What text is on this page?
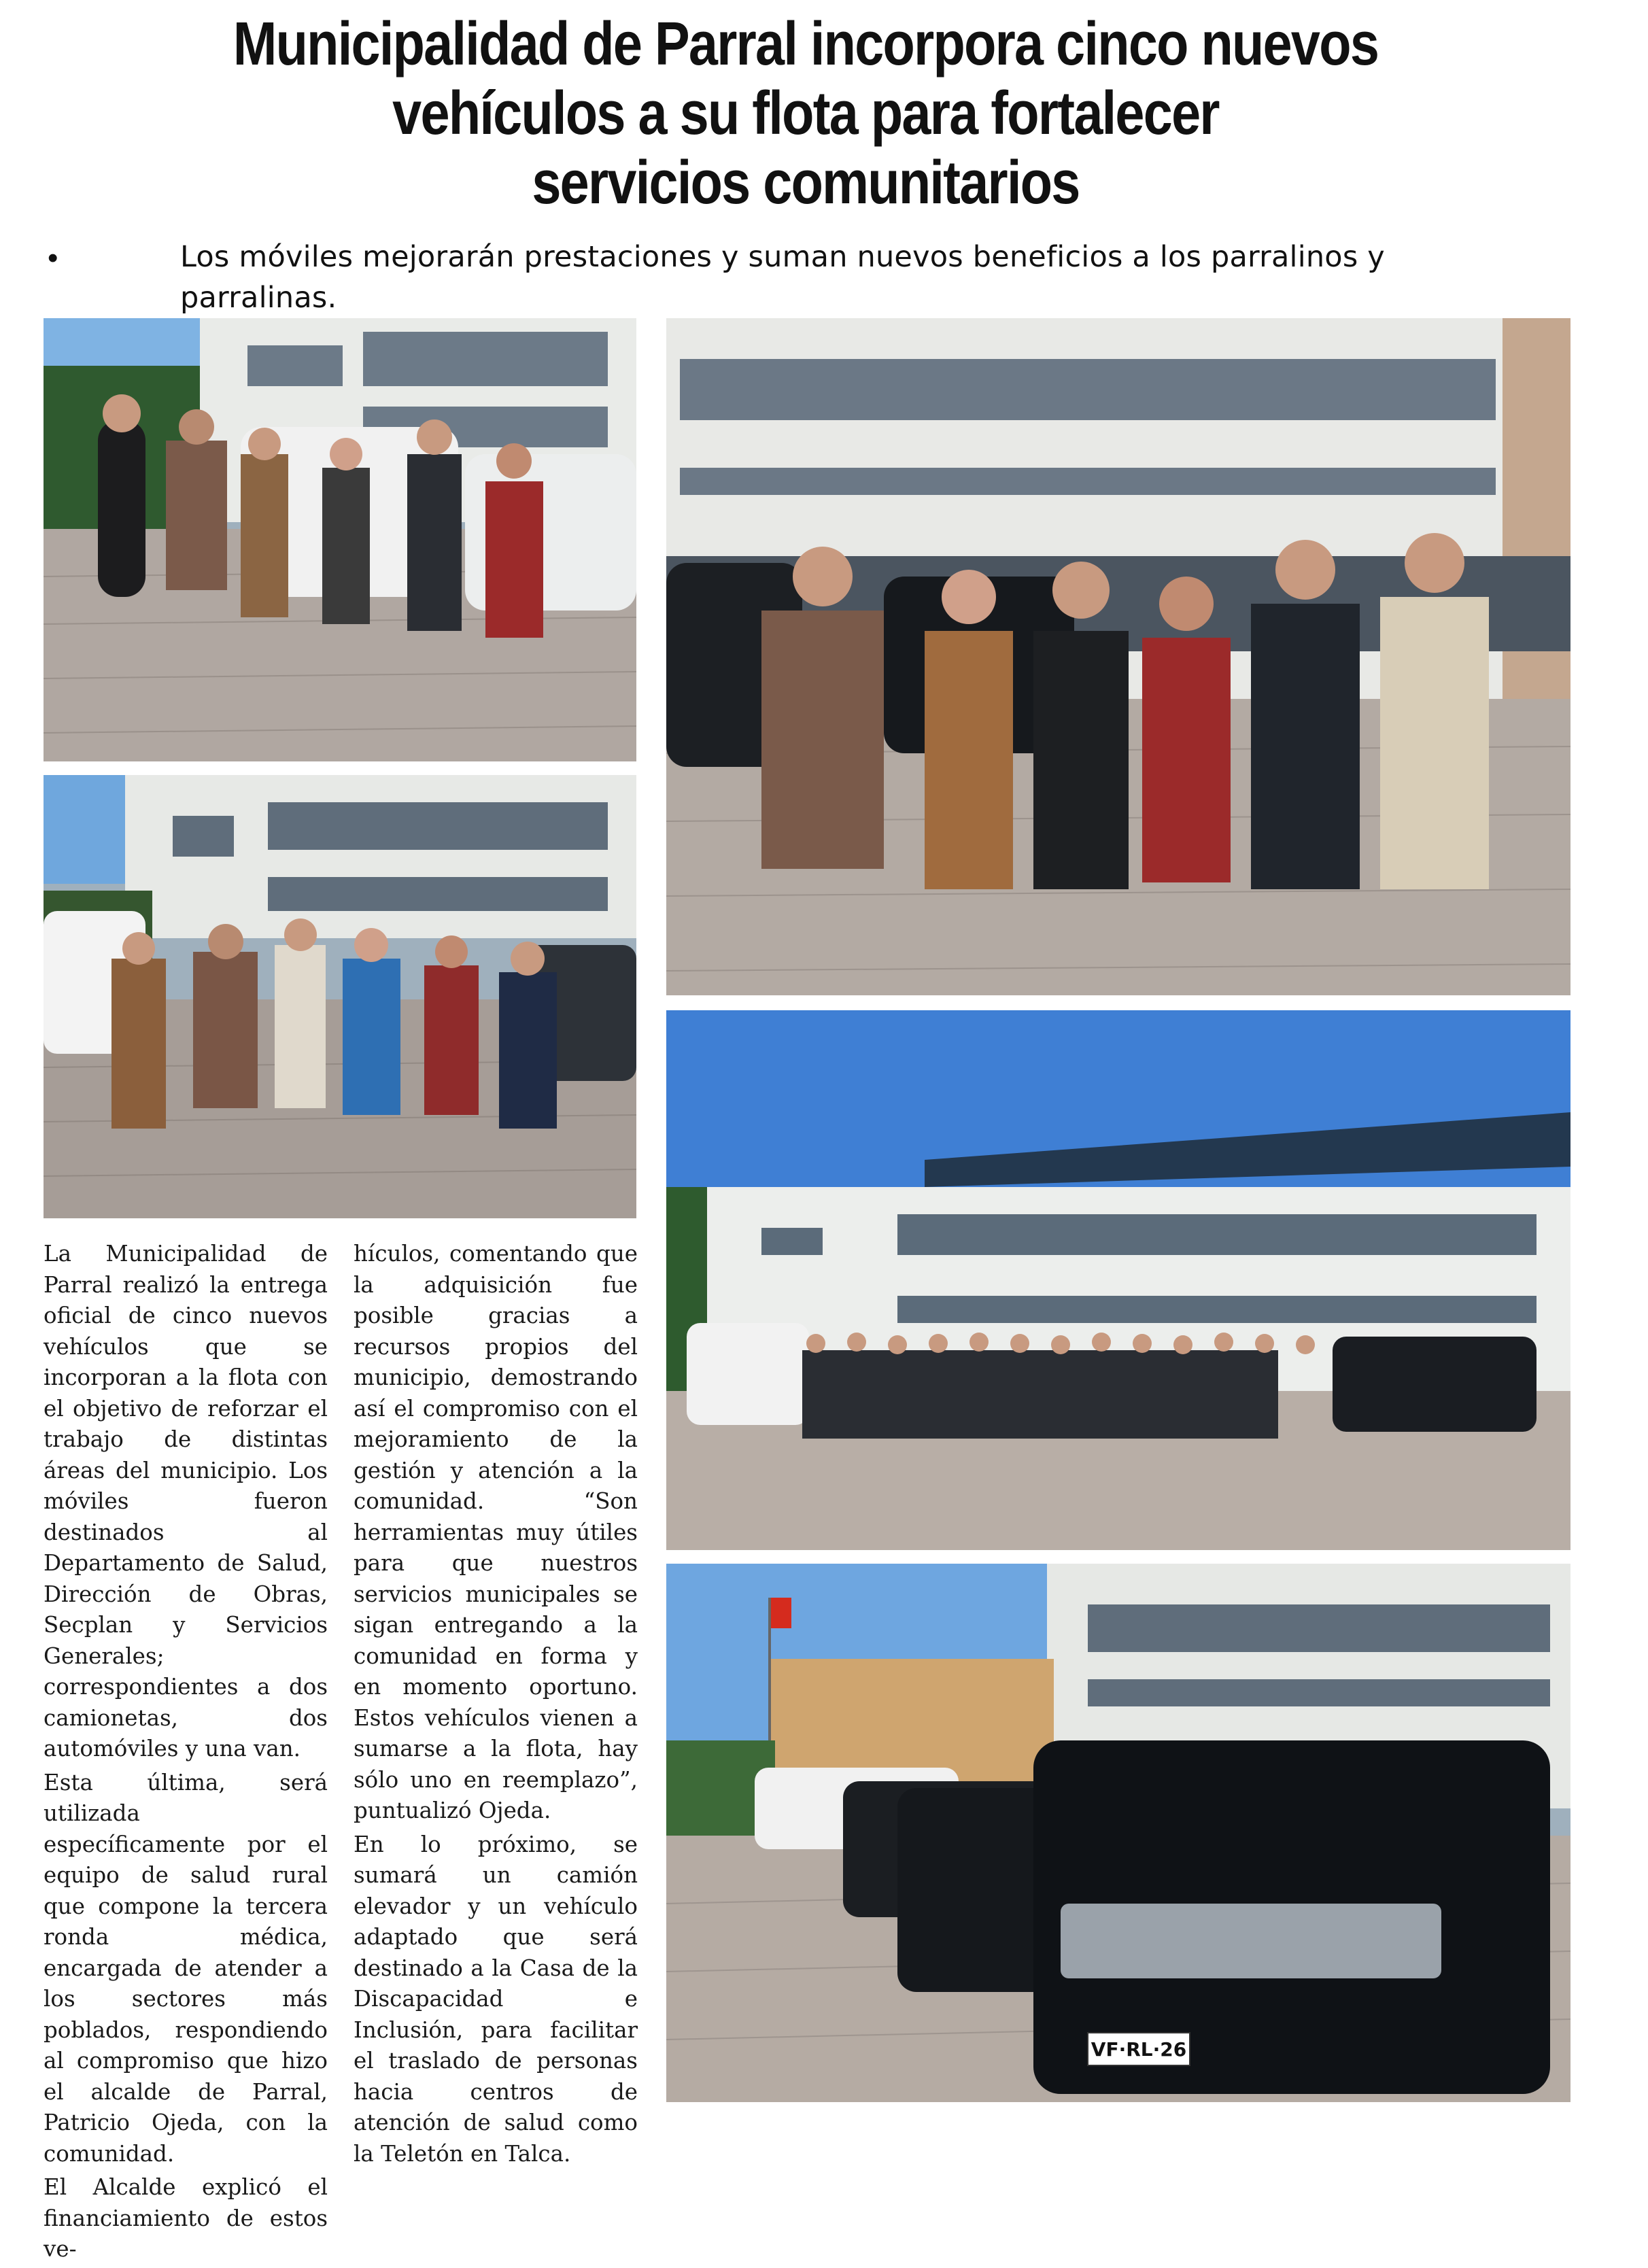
Municipalidad de Parral incorpora cinco nuevos
vehículos a su flota para fortalecer
servicios comunitarios
•	Los móviles mejorarán prestaciones y suman nuevos beneficios a los parralinos y parralinas.
VF·RL·26

La Municipalidad de Parral realizó la entrega oficial de cinco nuevos vehículos que se incorporan a la flota con el objetivo de reforzar el trabajo de distintas áreas del municipio. Los móviles fueron destinados al Departamento de Salud, Dirección de Obras, Secplan y Servicios Generales; correspondientes a dos camionetas, dos automóviles y una van.

Esta última, será utilizada específicamente por el equipo de salud rural que compone la tercera ronda médica, encargada de atender a los sectores más poblados, respondiendo al compromiso que hizo el alcalde de Parral, Patricio Ojeda, con la comunidad.

El Alcalde explicó el financiamiento de estos ve-

hículos, comentando que la adquisición fue posible gracias a recursos propios del municipio, demostrando así el compromiso con el mejoramiento de la gestión y atención a la comunidad. “Son herramientas muy útiles para que nuestros servicios municipales se sigan entregando a la comunidad en forma y en momento oportuno. Estos vehículos vienen a sumarse a la flota, hay sólo uno en reemplazo”, puntualizó Ojeda.

En lo próximo, se sumará un camión elevador y un vehículo adaptado que será destinado a la Casa de la Discapacidad e Inclusión, para facilitar el traslado de personas hacia centros de atención de salud como la Teletón en Talca.
